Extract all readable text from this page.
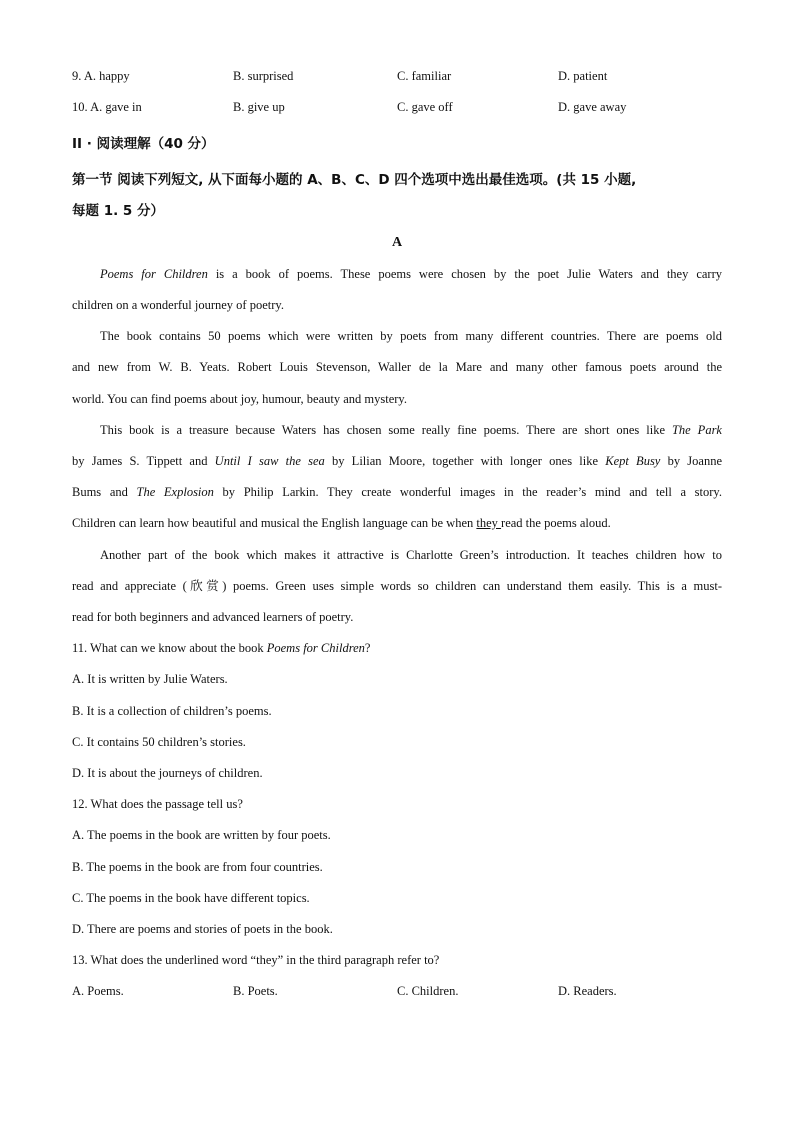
9. A. happy	B. surprised	C. familiar	D. patient
10. A. gave in	B. give up	C. gave off	D. gave away
II · 阅读理解（40 分）
第一节 阅读下列短文, 从下面每小题的 A、B、C、D 四个选项中选出最佳选项。(共 15 小题,
每题 1. 5 分）
A
Poems for Children is a book of poems. These poems were chosen by the poet Julie Waters and they carry
children on a wonderful journey of poetry.
The book contains 50 poems which were written by poets from many different countries. There are poems old
and new from W. B. Yeats. Robert Louis Stevenson, Waller de la Mare and many other famous poets around the
world. You can find poems about joy, humour, beauty and mystery.
This book is a treasure because Waters has chosen some really fine poems. There are short ones like The Park
by James S. Tippett and Until I saw the sea by Lilian Moore, together with longer ones like Kept Busy by Joanne
Bums and The Explosion by Philip Larkin. They create wonderful images in the reader’s mind and tell a story.
Children can learn how beautiful and musical the English language can be when they read the poems aloud.
Another part of the book which makes it attractive is Charlotte Green’s introduction. It teaches children how to
read and appreciate (欣赏) poems. Green uses simple words so children can understand them easily. This is a must-
read for both beginners and advanced learners of poetry.
11. What can we know about the book Poems for Children?
A. It is written by Julie Waters.
B. It is a collection of children’s poems.
C. It contains 50 children’s stories.
D. It is about the journeys of children.
12. What does the passage tell us?
A. The poems in the book are written by four poets.
B. The poems in the book are from four countries.
C. The poems in the book have different topics.
D. There are poems and stories of poets in the book.
13. What does the underlined word “they” in the third paragraph refer to?
A. Poems.	B. Poets.	C. Children.	D. Readers.
